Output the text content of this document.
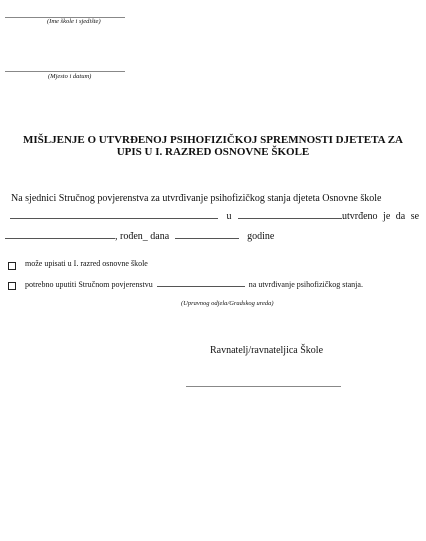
(Ime škole i sjedište)
(Mjesto i datum)
MIŠLJENJE O UTVRĐENOJ PSIHOFIZIČKOJ SPREMNOSTI DJETETA ZA
UPIS U I. RAZRED OSNOVNE ŠKOLE
Na sjednici Stručnog povjerenstva za utvrđivanje psihofizičkog stanja djeteta Osnovne škole
u	utvrđeno je da se
, rođen_ dana	godine
može upisati u I. razred osnovne škole
potrebno uputiti Stručnom povjerenstvu	na utvrđivanje psihofizičkog stanja.
(Upravnog odjela/Gradskog ureda)
Ravnatelj/ravnateljica Škole
